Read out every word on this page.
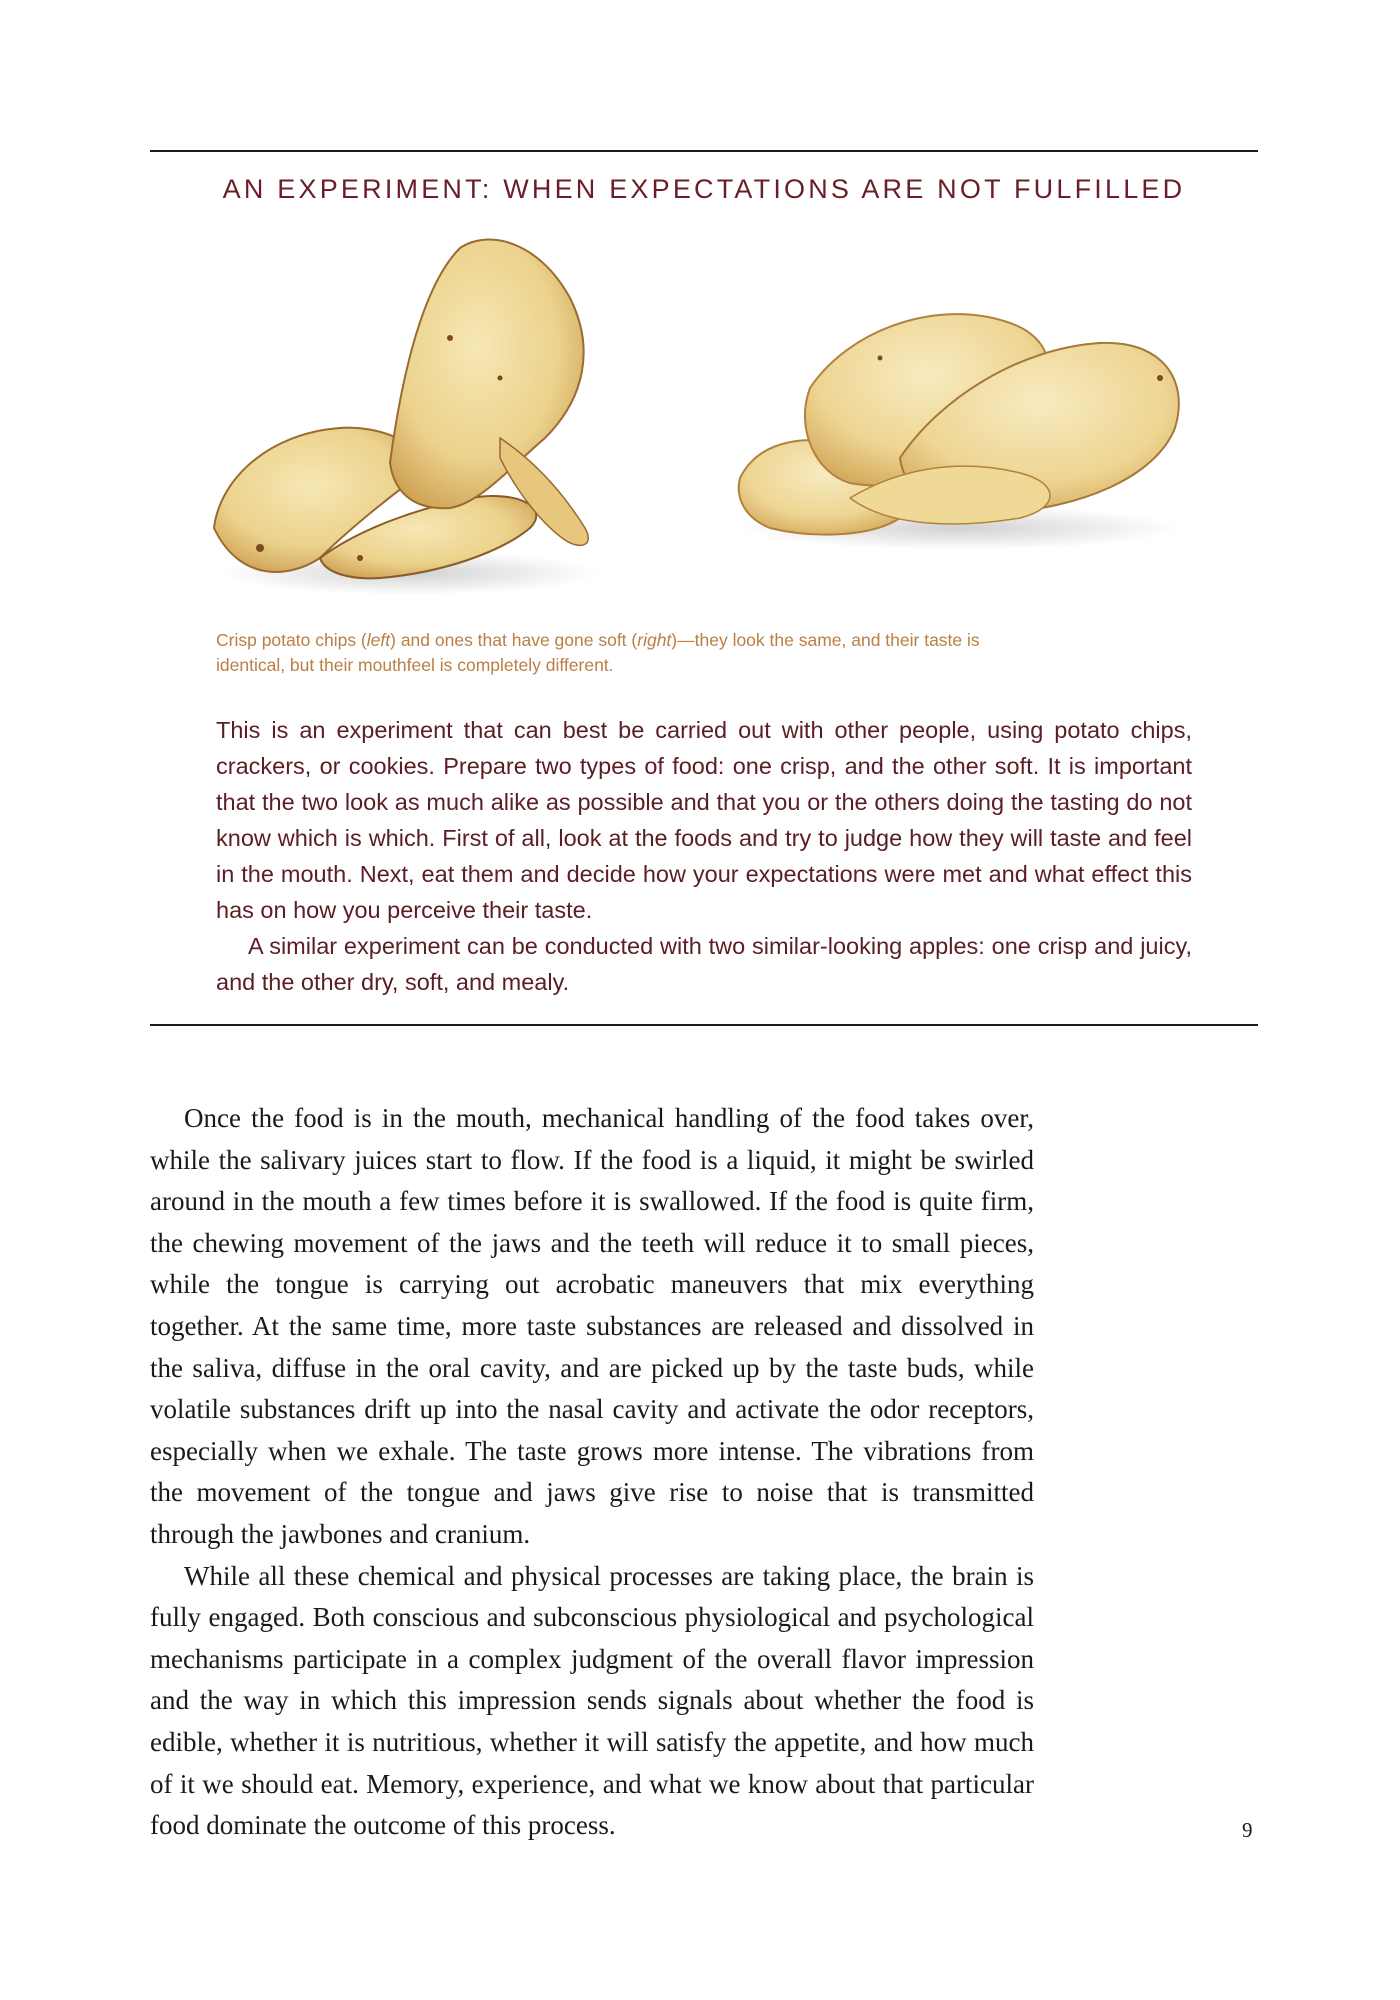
AN EXPERIMENT: WHEN EXPECTATIONS ARE NOT FULFILLED
Crisp potato chips (left) and ones that have gone soft (right)—they look the same, and their taste is identical, but their mouthfeel is completely different.

This is an experiment that can best be carried out with other people, using potato chips, crackers, or cookies. Prepare two types of food: one crisp, and the other soft. It is important that the two look as much alike as possible and that you or the others doing the tasting do not know which is which. First of all, look at the foods and try to judge how they will taste and feel in the mouth. Next, eat them and decide how your expectations were met and what effect this has on how you perceive their taste.

A similar experiment can be conducted with two similar-looking apples: one crisp and juicy, and the other dry, soft, and mealy.

Once the food is in the mouth, mechanical handling of the food takes over, while the salivary juices start to flow. If the food is a liquid, it might be swirled around in the mouth a few times before it is swallowed. If the food is quite firm, the chewing movement of the jaws and the teeth will reduce it to small pieces, while the tongue is carrying out acrobatic maneuvers that mix everything together. At the same time, more taste substances are released and dissolved in the saliva, diffuse in the oral cavity, and are picked up by the taste buds, while volatile substances drift up into the nasal cavity and activate the odor receptors, especially when we exhale. The taste grows more intense. The vibrations from the movement of the tongue and jaws give rise to noise that is transmitted through the jawbones and cranium.

While all these chemical and physical processes are taking place, the brain is fully engaged. Both conscious and subconscious physiological and psychological mechanisms participate in a complex judgment of the overall flavor impression and the way in which this impression sends signals about whether the food is edible, whether it is nutritious, whether it will satisfy the appetite, and how much of it we should eat. Memory, experience, and what we know about that particular food dominate the outcome of this process.	9
